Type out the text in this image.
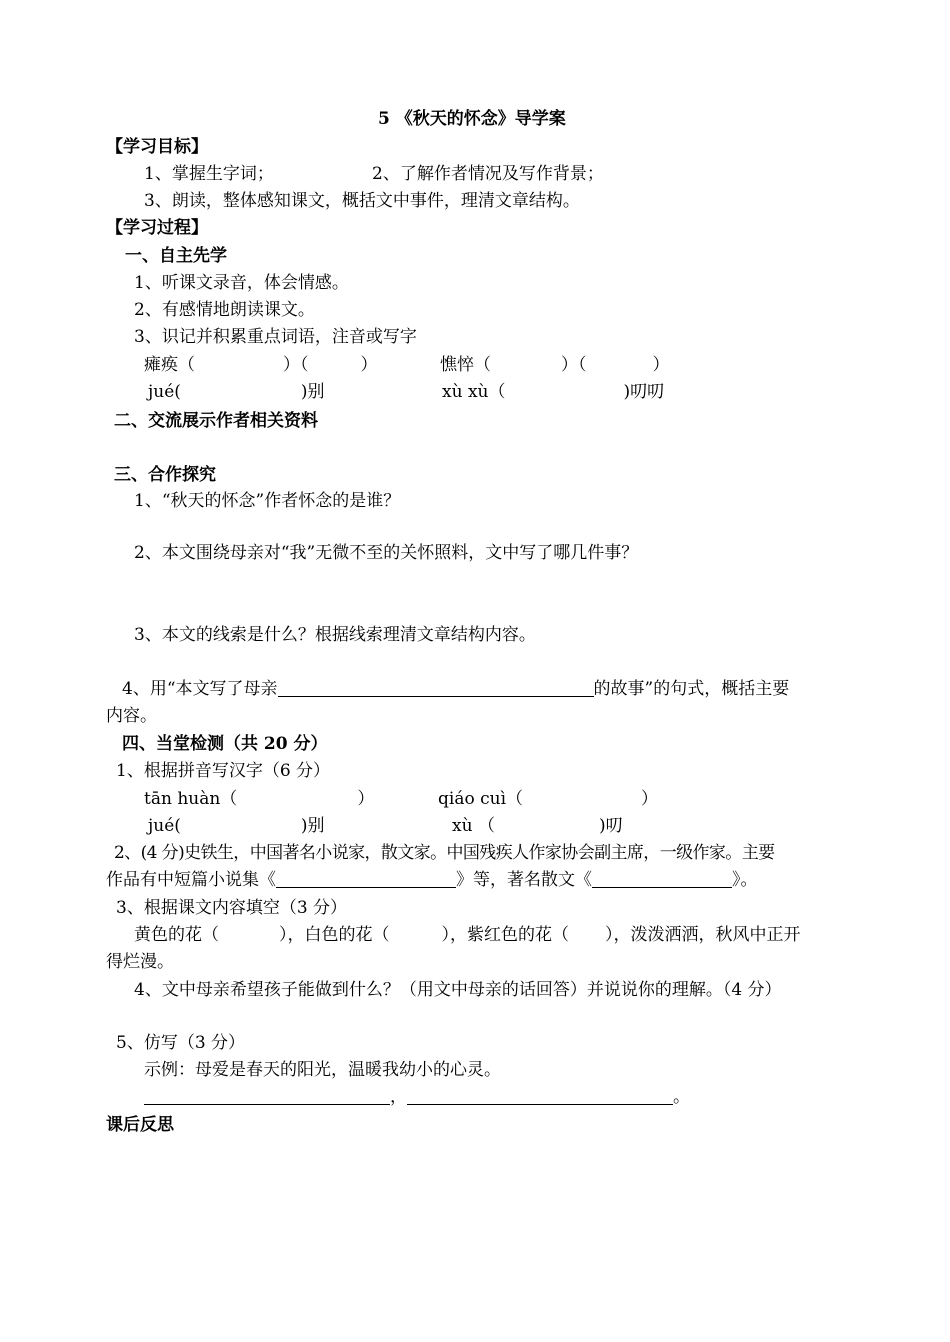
5 《秋天的怀念》导学案
【学习目标】
1、掌握生字词；	2、了解作者情况及写作背景；
3、朗读，整体感知课文，概括文中事件，理清文章结构。
【学习过程】
一、自主先学
1、听课文录音，体会情感。
2、有感情地朗读课文。
3、识记并积累重点词语，注音或写字
瘫痪（	）（	）	憔悴（	）（	）
jué(	)别	xù xù（	)叨叨
二、交流展示作者相关资料
三、合作探究
1、“秋天的怀念”作者怀念的是谁？
2、本文围绕母亲对“我”无微不至的关怀照料，文中写了哪几件事？
3、本文的线索是什么？根据线索理清文章结构内容。
4、用“本文写了母亲	的故事”的句式，概括主要
内容。
四、当堂检测（共 20 分）
1、根据拼音写汉字（6 分）
tān huàn（	）	qiáo cuì（	）
jué(	)别	xù （	)叨
2、(4 分)史铁生，中国著名小说家，散文家。中国残疾人作家协会副主席，一级作家。主要
作品有中短篇小说集《	》等，著名散文《	》。
3、根据课文内容填空（3 分）
黄色的花（	），白色的花（	），紫红色的花（ ），泼泼洒洒，秋风中正开
得烂漫。
4、文中母亲希望孩子能做到什么？（用文中母亲的话回答）并说说你的理解。（4 分）
5、仿写（3 分）
示例：母爱是春天的阳光，温暖我幼小的心灵。
，	。
课后反思
